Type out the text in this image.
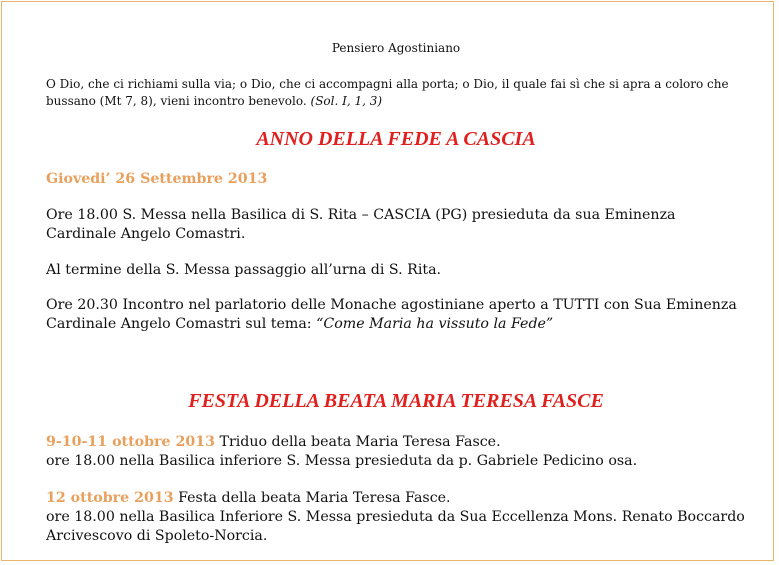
Pensiero Agostiniano

O Dio, che ci richiami sulla via; o Dio, che ci accompagni alla porta; o Dio, il quale fai sì che si apra a coloro che bussano (Mt 7, 8), vieni incontro benevolo. (Sol. I, 1, 3)

ANNO DELLA FEDE A CASCIA

Giovedi’ 26 Settembre 2013

Ore 18.00 S. Messa nella Basilica di S. Rita – CASCIA (PG) presieduta da sua Eminenza Cardinale Angelo Comastri.

Al termine della S. Messa passaggio all’urna di S. Rita.

Ore 20.30 Incontro nel parlatorio delle Monache agostiniane aperto a TUTTI con Sua Eminenza Cardinale Angelo Comastri sul tema: “Come Maria ha vissuto la Fede”

FESTA DELLA BEATA MARIA TERESA FASCE

9-10-11 ottobre 2013 Triduo della beata Maria Teresa Fasce.
ore 18.00 nella Basilica inferiore S. Messa presieduta da p. Gabriele Pedicino osa.

12 ottobre 2013 Festa della beata Maria Teresa Fasce.
ore 18.00 nella Basilica Inferiore S. Messa presieduta da Sua Eccellenza Mons. Renato Boccardo Arcivescovo di Spoleto-Norcia.
